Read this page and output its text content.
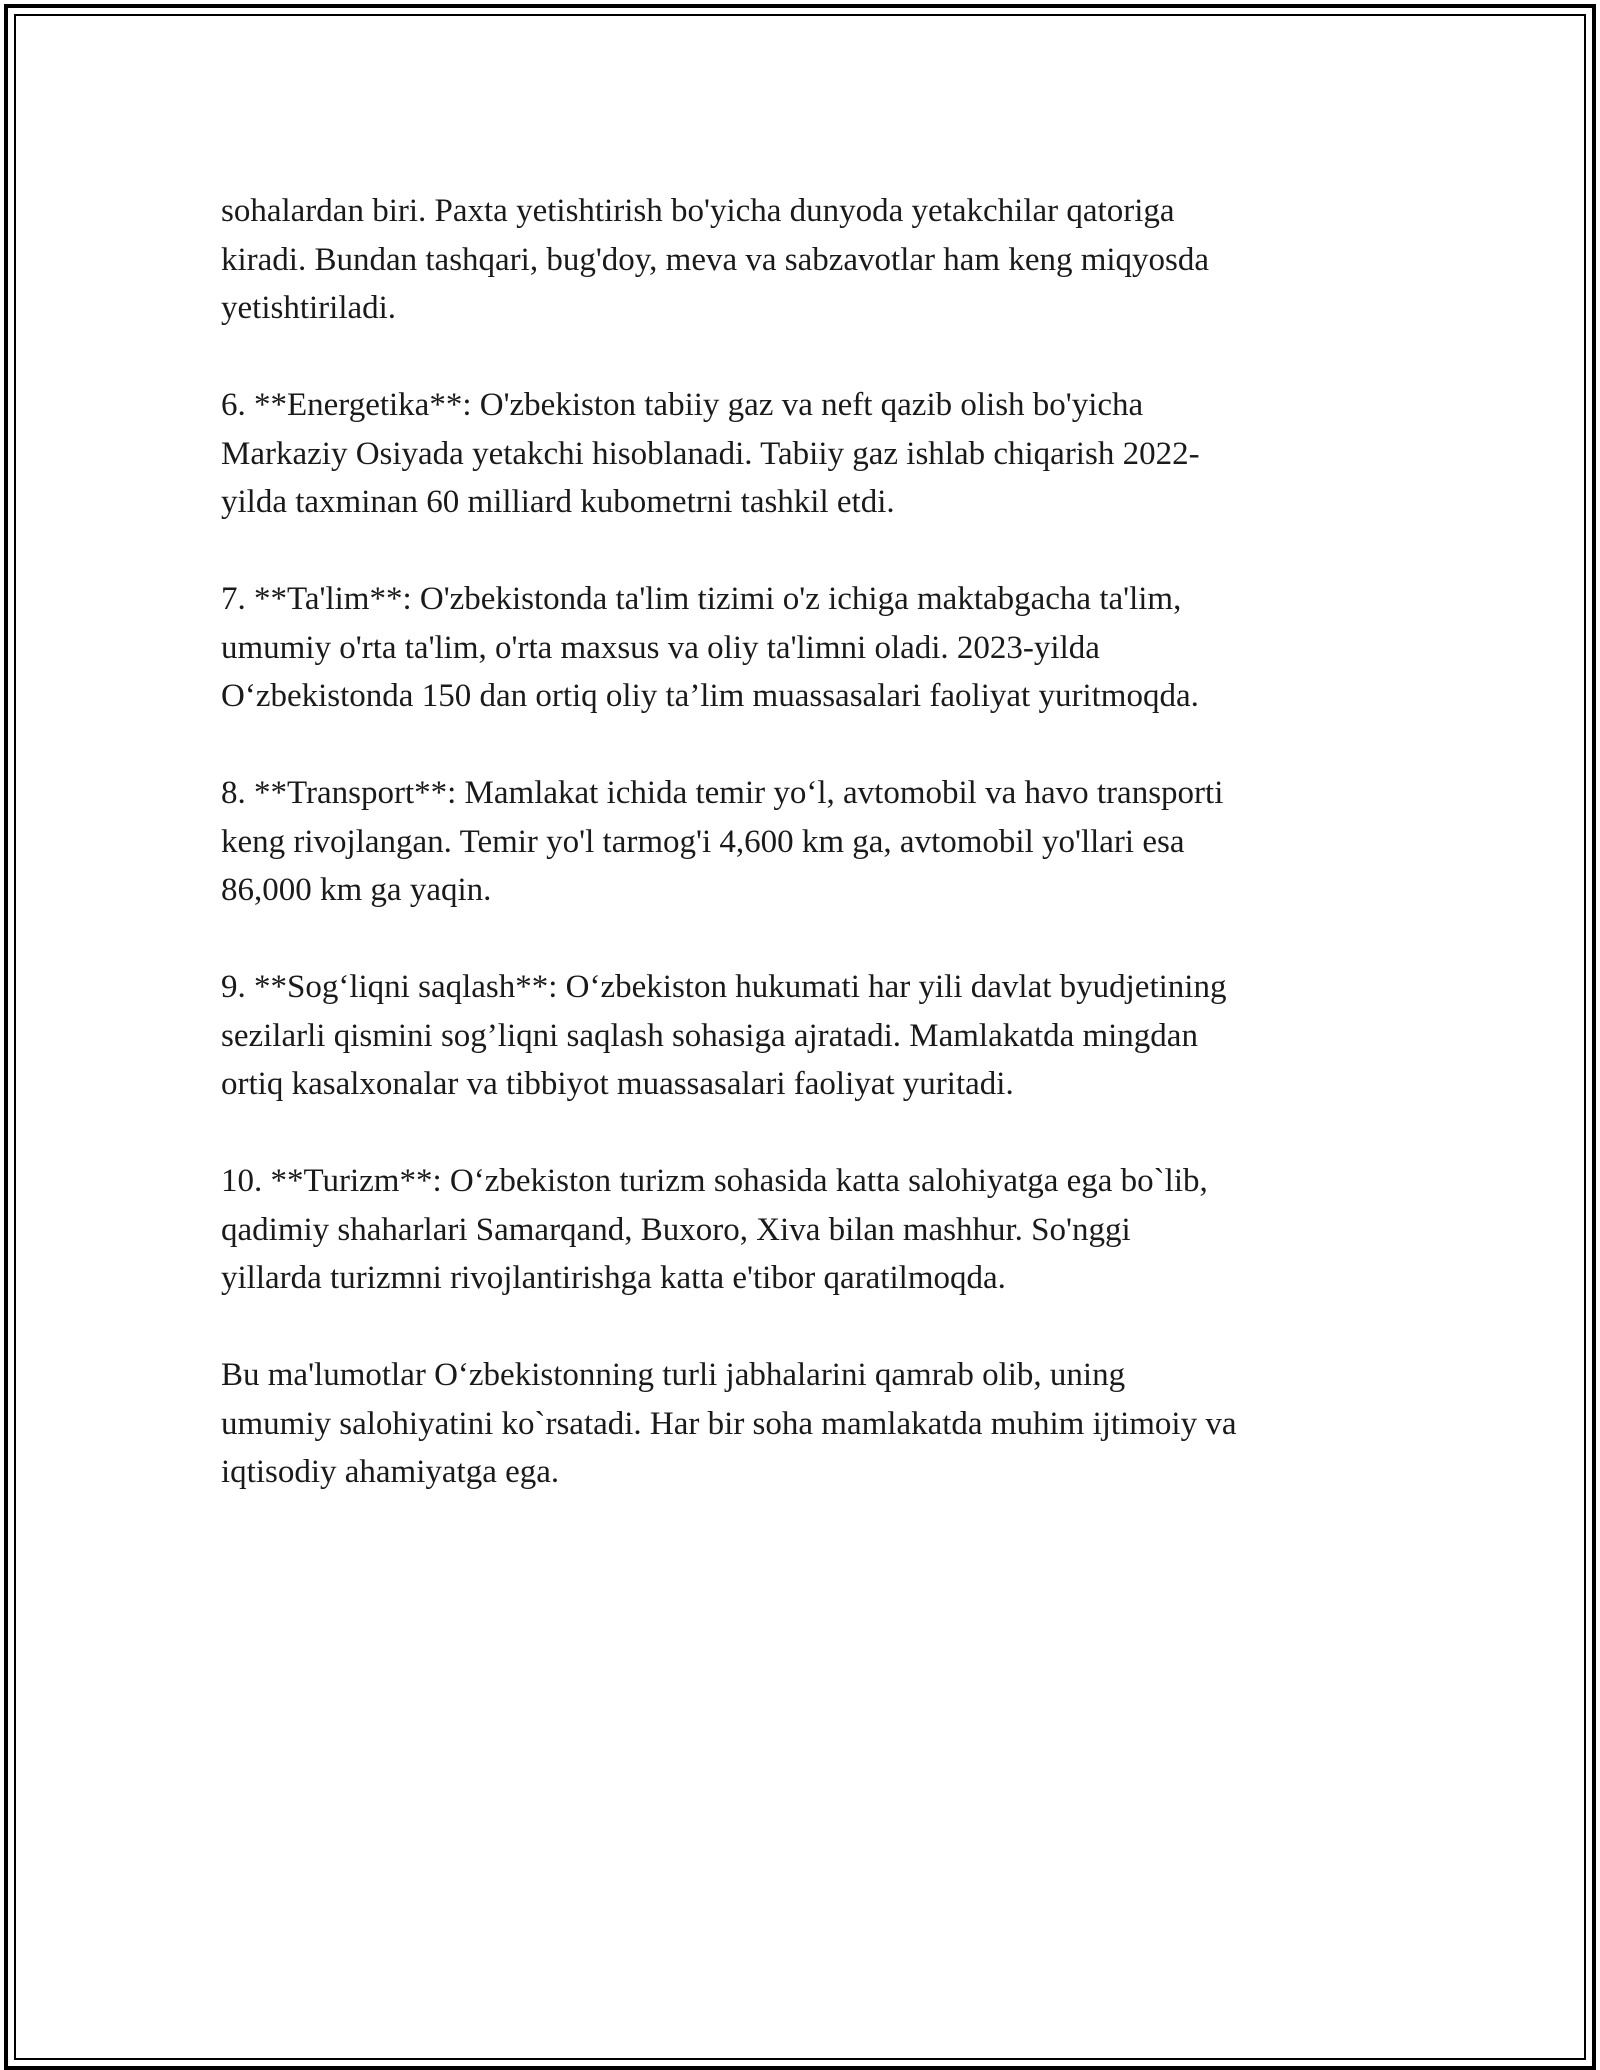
sohalardan biri. Paxta yetishtirish bo'yicha dunyoda yetakchilar qatoriga
kiradi. Bundan tashqari, bug'doy, meva va sabzavotlar ham keng miqyosda
yetishtiriladi.

6. **Energetika**: O'zbekiston tabiiy gaz va neft qazib olish bo'yicha
Markaziy Osiyada yetakchi hisoblanadi. Tabiiy gaz ishlab chiqarish 2022-
yilda taxminan 60 milliard kubometrni tashkil etdi.

7. **Ta'lim**: O'zbekistonda ta'lim tizimi o'z ichiga maktabgacha ta'lim,
umumiy o'rta ta'lim, o'rta maxsus va oliy ta'limni oladi. 2023-yilda
O‘zbekistonda 150 dan ortiq oliy ta’lim muassasalari faoliyat yuritmoqda.

8. **Transport**: Mamlakat ichida temir yo‘l, avtomobil va havo transporti
keng rivojlangan. Temir yo'l tarmog'i 4,600 km ga, avtomobil yo'llari esa
86,000 km ga yaqin.

9. **Sog‘liqni saqlash**: O‘zbekiston hukumati har yili davlat byudjetining
sezilarli qismini sog’liqni saqlash sohasiga ajratadi. Mamlakatda mingdan
ortiq kasalxonalar va tibbiyot muassasalari faoliyat yuritadi.

10. **Turizm**: O‘zbekiston turizm sohasida katta salohiyatga ega bo`lib,
qadimiy shaharlari Samarqand, Buxoro, Xiva bilan mashhur. So'nggi
yillarda turizmni rivojlantirishga katta e'tibor qaratilmoqda.

Bu ma'lumotlar O‘zbekistonning turli jabhalarini qamrab olib, uning
umumiy salohiyatini ko`rsatadi. Har bir soha mamlakatda muhim ijtimoiy va
iqtisodiy ahamiyatga ega.
